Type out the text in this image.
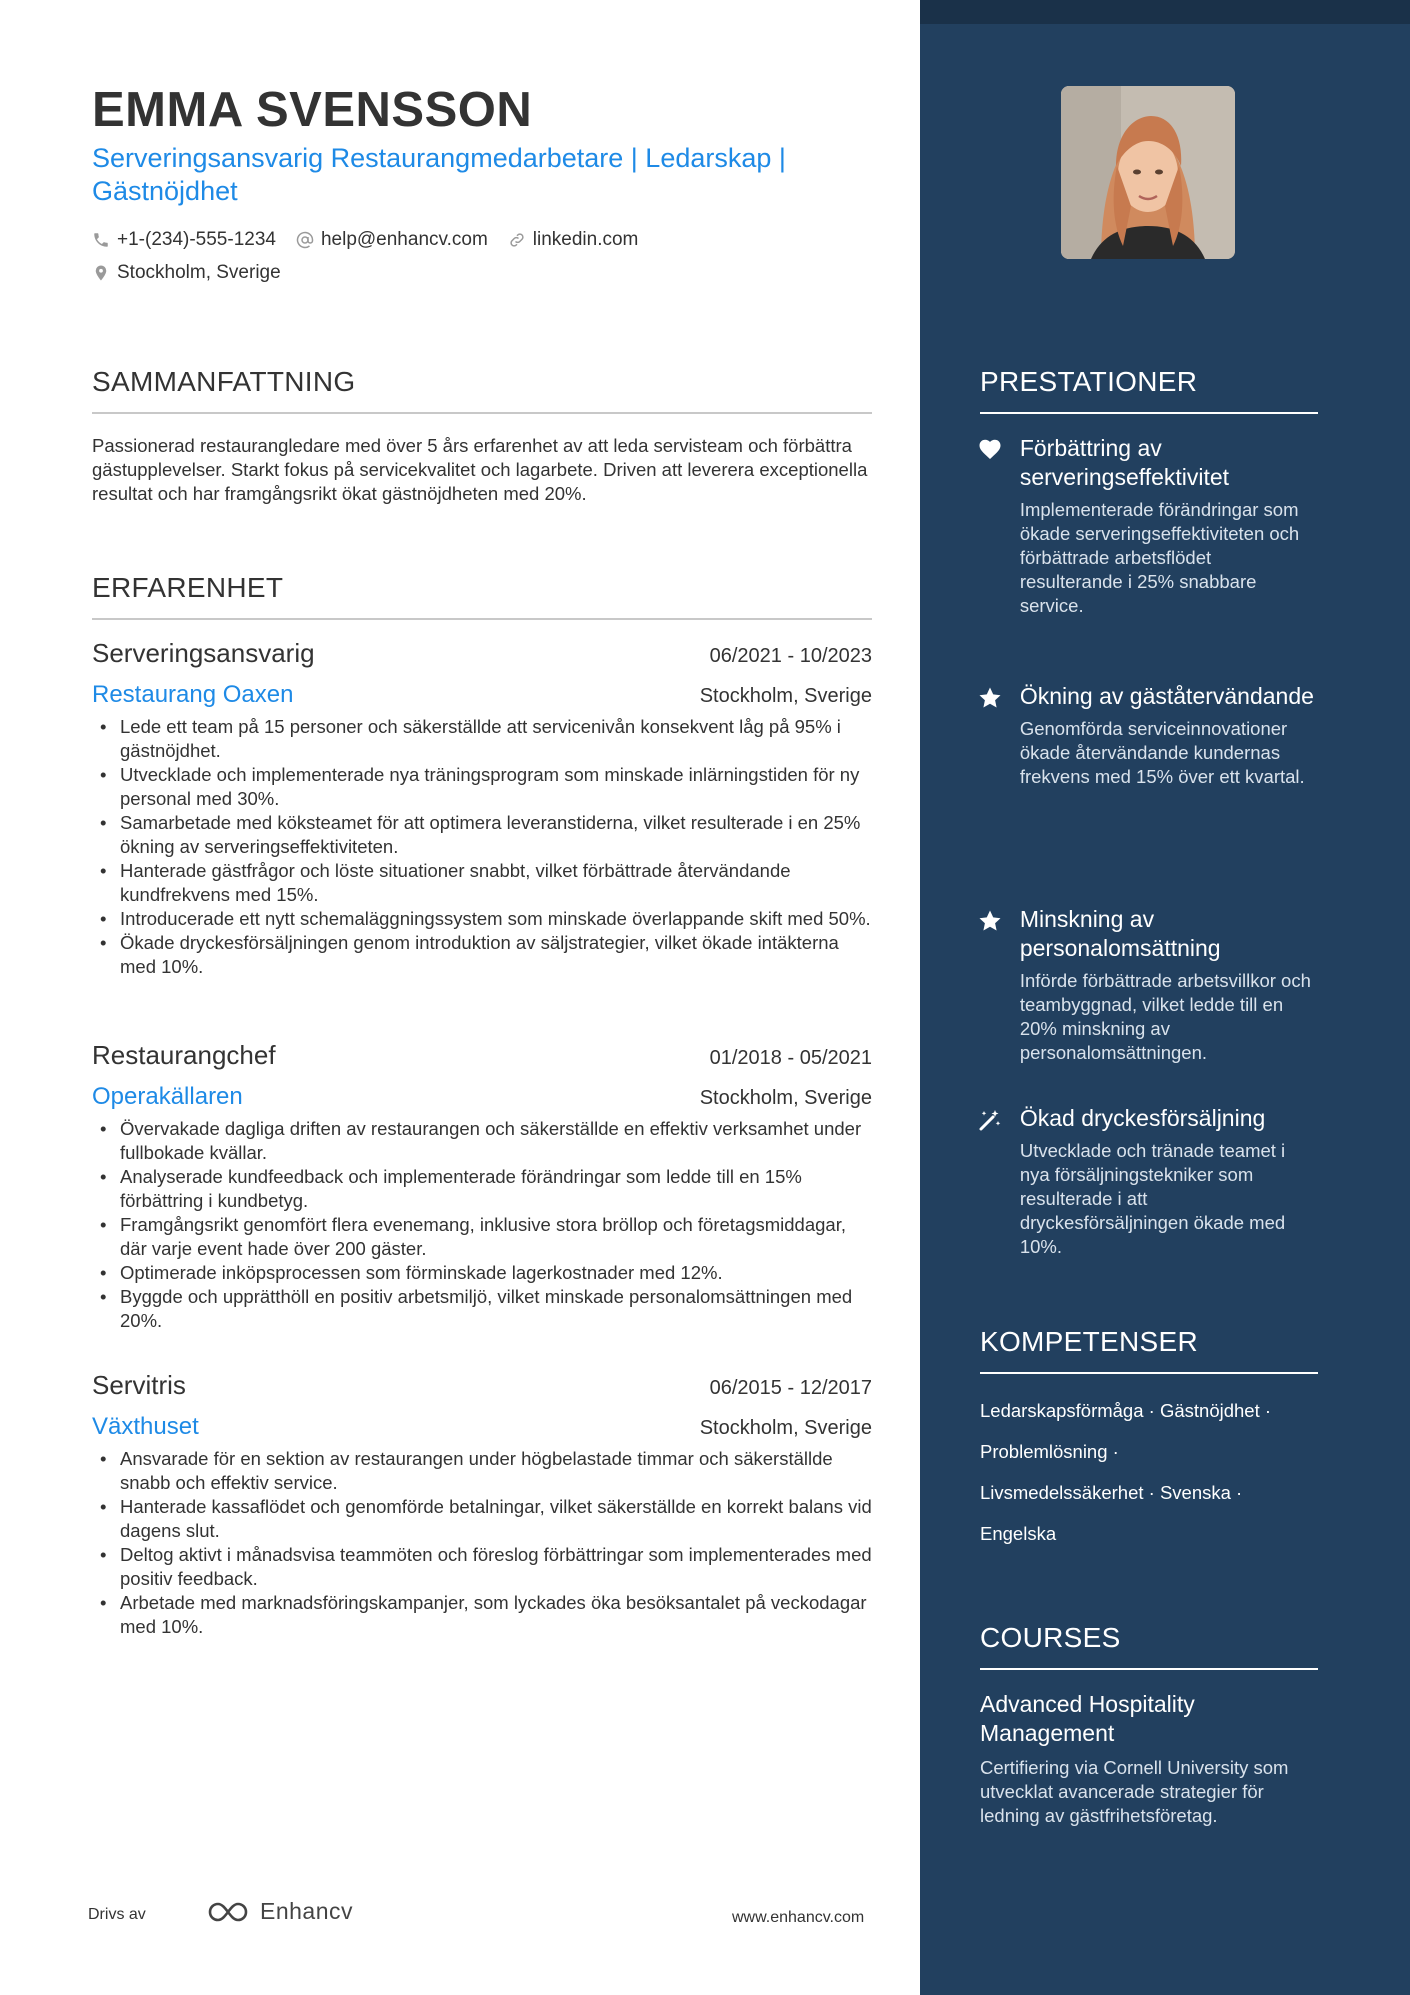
EMMA SVENSSON
Serveringsansvarig Restaurangmedarbetare | Ledarskap | Gästnöjdhet
+1-(234)-555-1234 help@enhancv.com linkedin.com
Stockholm, Sverige
SAMMANFATTNING
Passionerad restaurangledare med över 5 års erfarenhet av att leda servisteam och förbättra gästupplevelser. Starkt fokus på servicekvalitet och lagarbete. Driven att leverera exceptionella resultat och har framgångsrikt ökat gästnöjdheten med 20%.
ERFARENHET
Serveringsansvarig	06/2021 - 10/2023
Restaurang Oaxen	Stockholm, Sverige
• Lede ett team på 15 personer och säkerställde att servicenivån konsekvent låg på 95% i gästnöjdhet.
• Utvecklade och implementerade nya träningsprogram som minskade inlärningstiden för ny personal med 30%.
• Samarbetade med köksteamet för att optimera leveranstiderna, vilket resulterade i en 25% ökning av serveringseffektiviteten.
• Hanterade gästfrågor och löste situationer snabbt, vilket förbättrade återvändande kundfrekvens med 15%.
• Introducerade ett nytt schemaläggningssystem som minskade överlappande skift med 50%.
• Ökade dryckesförsäljningen genom introduktion av säljstrategier, vilket ökade intäkterna med 10%.
Restaurangchef	01/2018 - 05/2021
Operakällaren	Stockholm, Sverige
• Övervakade dagliga driften av restaurangen och säkerställde en effektiv verksamhet under fullbokade kvällar.
• Analyserade kundfeedback och implementerade förändringar som ledde till en 15% förbättring i kundbetyg.
• Framgångsrikt genomfört flera evenemang, inklusive stora bröllop och företagsmiddagar, där varje event hade över 200 gäster.
• Optimerade inköpsprocessen som förminskade lagerkostnader med 12%.
• Byggde och upprätthöll en positiv arbetsmiljö, vilket minskade personalomsättningen med 20%.
Servitris	06/2015 - 12/2017
Växthuset	Stockholm, Sverige
• Ansvarade för en sektion av restaurangen under högbelastade timmar och säkerställde snabb och effektiv service.
• Hanterade kassaflödet och genomförde betalningar, vilket säkerställde en korrekt balans vid dagens slut.
• Deltog aktivt i månadsvisa teammöten och föreslog förbättringar som implementerades med positiv feedback.
• Arbetade med marknadsföringskampanjer, som lyckades öka besöksantalet på veckodagar med 10%.
Drivs av	Enhancv	www.enhancv.com
PRESTATIONER
Förbättring av serveringseffektivitet
Implementerade förändringar som ökade serveringseffektiviteten och förbättrade arbetsflödet resulterande i 25% snabbare service.
Ökning av gäståtervändande
Genomförda serviceinnovationer ökade återvändande kundernas frekvens med 15% över ett kvartal.
Minskning av personalomsättning
Införde förbättrade arbetsvillkor och teambyggnad, vilket ledde till en 20% minskning av personalomsättningen.
Ökad dryckesförsäljning
Utvecklade och tränade teamet i nya försäljningstekniker som resulterade i att dryckesförsäljningen ökade med 10%.
KOMPETENSER
Ledarskapsförmåga · Gästnöjdhet ·
Problemlösning ·
Livsmedelssäkerhet · Svenska ·
Engelska
COURSES
Advanced Hospitality Management
Certifiering via Cornell University som utvecklat avancerade strategier för ledning av gästfrihetsföretag.
